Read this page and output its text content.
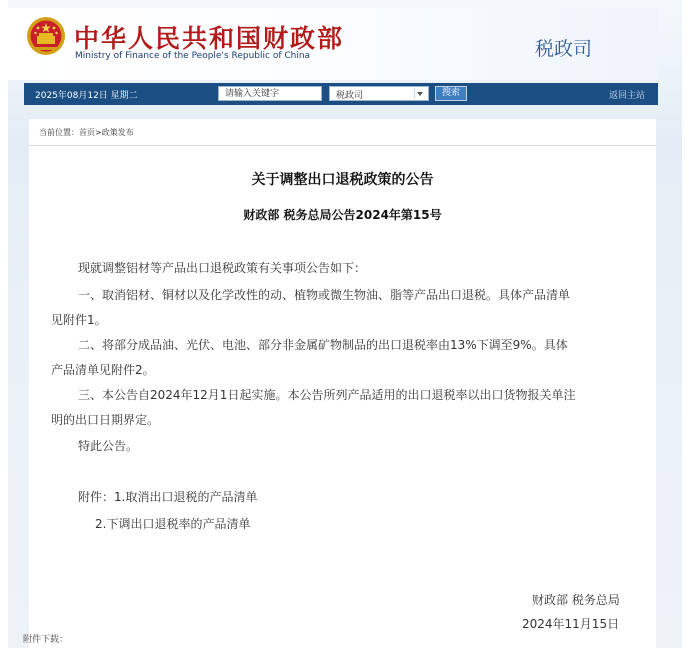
中华人民共和国财政部
Ministry of Finance of the People's Republic of China	税政司
2025年08月12日 星期二
请输入关键字	税政司	搜索	返回主站
当前位置：首页>政策发布
关于调整出口退税政策的公告
财政部 税务总局公告2024年第15号
现就调整铝材等产品出口退税政策有关事项公告如下：
一、取消铝材、铜材以及化学改性的动、植物或微生物油、脂等产品出口退税。具体产品清单
见附件1。
二、将部分成品油、光伏、电池、部分非金属矿物制品的出口退税率由13%下调至9%。具体
产品清单见附件2。
三、本公告自2024年12月1日起实施。本公告所列产品适用的出口退税率以出口货物报关单注
明的出口日期界定。
特此公告。
附件：1.取消出口退税的产品清单
2.下调出口退税率的产品清单
财政部 税务总局
2024年11月15日
附件下载：
